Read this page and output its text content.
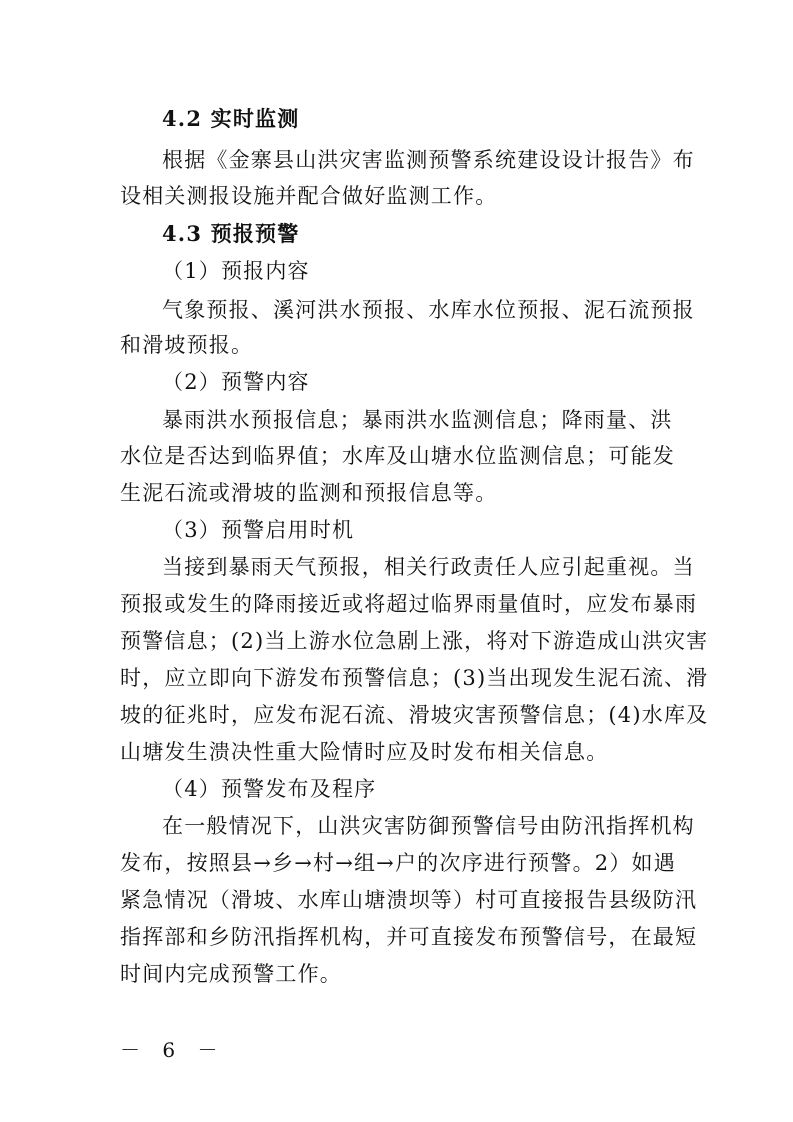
4.2 实时监测
根据《金寨县山洪灾害监测预警系统建设设计报告》布
设相关测报设施并配合做好监测工作。
4.3 预报预警
（1）预报内容
气象预报、溪河洪水预报、水库水位预报、泥石流预报
和滑坡预报。
（2）预警内容
暴雨洪水预报信息；暴雨洪水监测信息；降雨量、洪
水位是否达到临界值；水库及山塘水位监测信息；可能发
生泥石流或滑坡的监测和预报信息等。
（3）预警启用时机
当接到暴雨天气预报，相关行政责任人应引起重视。当
预报或发生的降雨接近或将超过临界雨量值时，应发布暴雨
预警信息；(2)当上游水位急剧上涨，将对下游造成山洪灾害
时，应立即向下游发布预警信息；(3)当出现发生泥石流、滑
坡的征兆时，应发布泥石流、滑坡灾害预警信息；(4)水库及
山塘发生溃决性重大险情时应及时发布相关信息。
（4）预警发布及程序
在一般情况下，山洪灾害防御预警信号由防汛指挥机构
发布，按照县→乡→村→组→户的次序进行预警。2）如遇
紧急情况（滑坡、水库山塘溃坝等）村可直接报告县级防汛
指挥部和乡防汛指挥机构，并可直接发布预警信号，在最短
时间内完成预警工作。
－ 6 －
